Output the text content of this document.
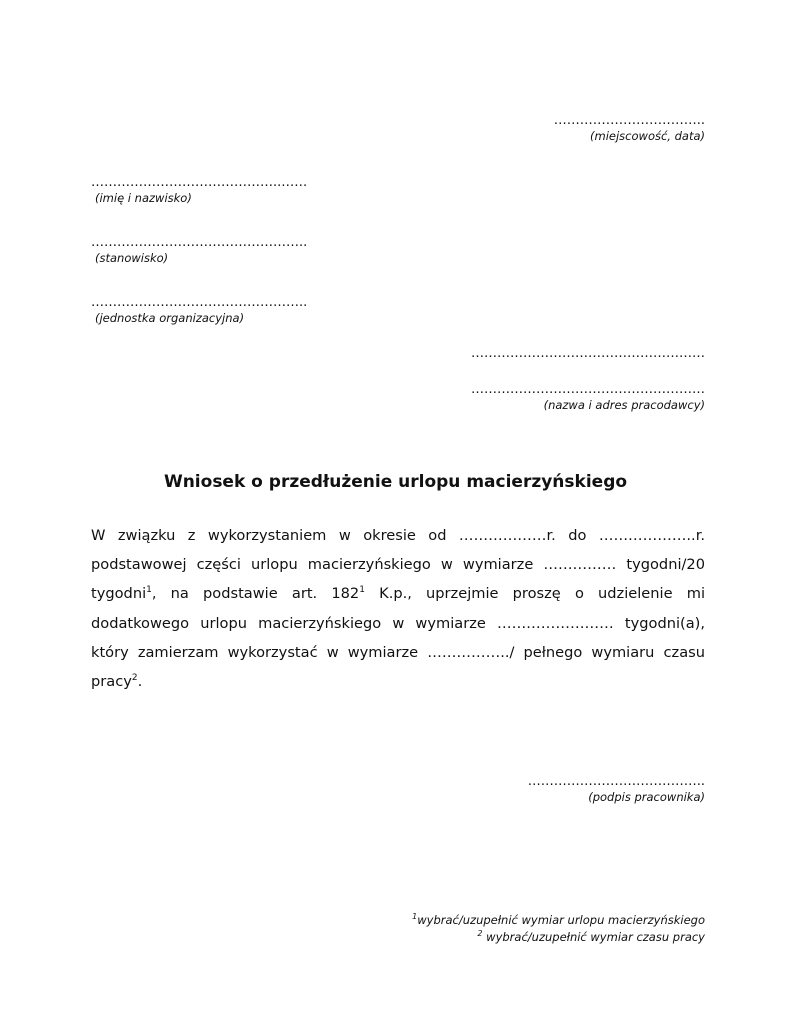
……………………………..
(miejscowość, data)
……………………………………..……
(imię i nazwisko)
…………………………………………..
(stanowisko)
…………………………………………..
(jednostka organizacyjna)
………………………………………………
………………………………………………
(nazwa i adres pracodawcy)
Wniosek o przedłużenie urlopu macierzyńskiego
W związku z wykorzystaniem w okresie od ………………r. do ………………..r. podstawowej części urlopu macierzyńskiego w wymiarze …………… tygodni/20 tygodni$^1$, na podstawie art. $182^1$ K.p., uprzejmie proszę o udzielenie mi dodatkowego urlopu macierzyńskiego w wymiarze …………………… tygodni(a), który zamierzam wykorzystać w wymiarze ……………../ pełnego wymiaru czasu pracy$^2$.
…………………………………..
(podpis pracownika)
$^1$wybrać/uzupełnić wymiar urlopu macierzyńskiego
$^2$ wybrać/uzupełnić wymiar czasu pracy
